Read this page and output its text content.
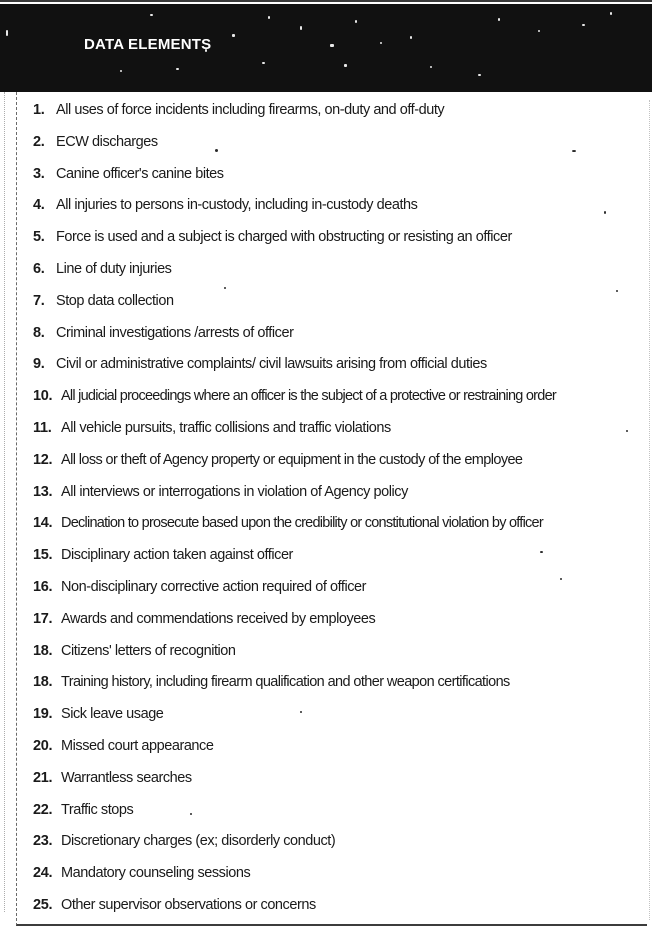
DATA ELEMENTS
1. All uses of force incidents including firearms, on-duty and off-duty
2. ECW discharges
3. Canine officer's canine bites
4. All injuries to persons in-custody, including in-custody deaths
5. Force is used and a subject is charged with obstructing or resisting an officer
6. Line of duty injuries
7. Stop data collection
8. Criminal investigations /arrests of officer
9. Civil or administrative complaints/ civil lawsuits arising from official duties
10. All judicial proceedings where an officer is the subject of a protective or restraining order
11. All vehicle pursuits, traffic collisions and traffic violations
12. All loss or theft of Agency property or equipment in the custody of the employee
13. All interviews or interrogations in violation of Agency policy
14. Declination to prosecute based upon the credibility or constitutional violation by officer
15. Disciplinary action taken against officer
16. Non-disciplinary corrective action required of officer
17. Awards and commendations received by employees
18. Citizens' letters of recognition
18. Training history, including firearm qualification and other weapon certifications
19. Sick leave usage
20. Missed court appearance
21. Warrantless searches
22. Traffic stops
23. Discretionary charges (ex; disorderly conduct)
24. Mandatory counseling sessions
25. Other supervisor observations or concerns
